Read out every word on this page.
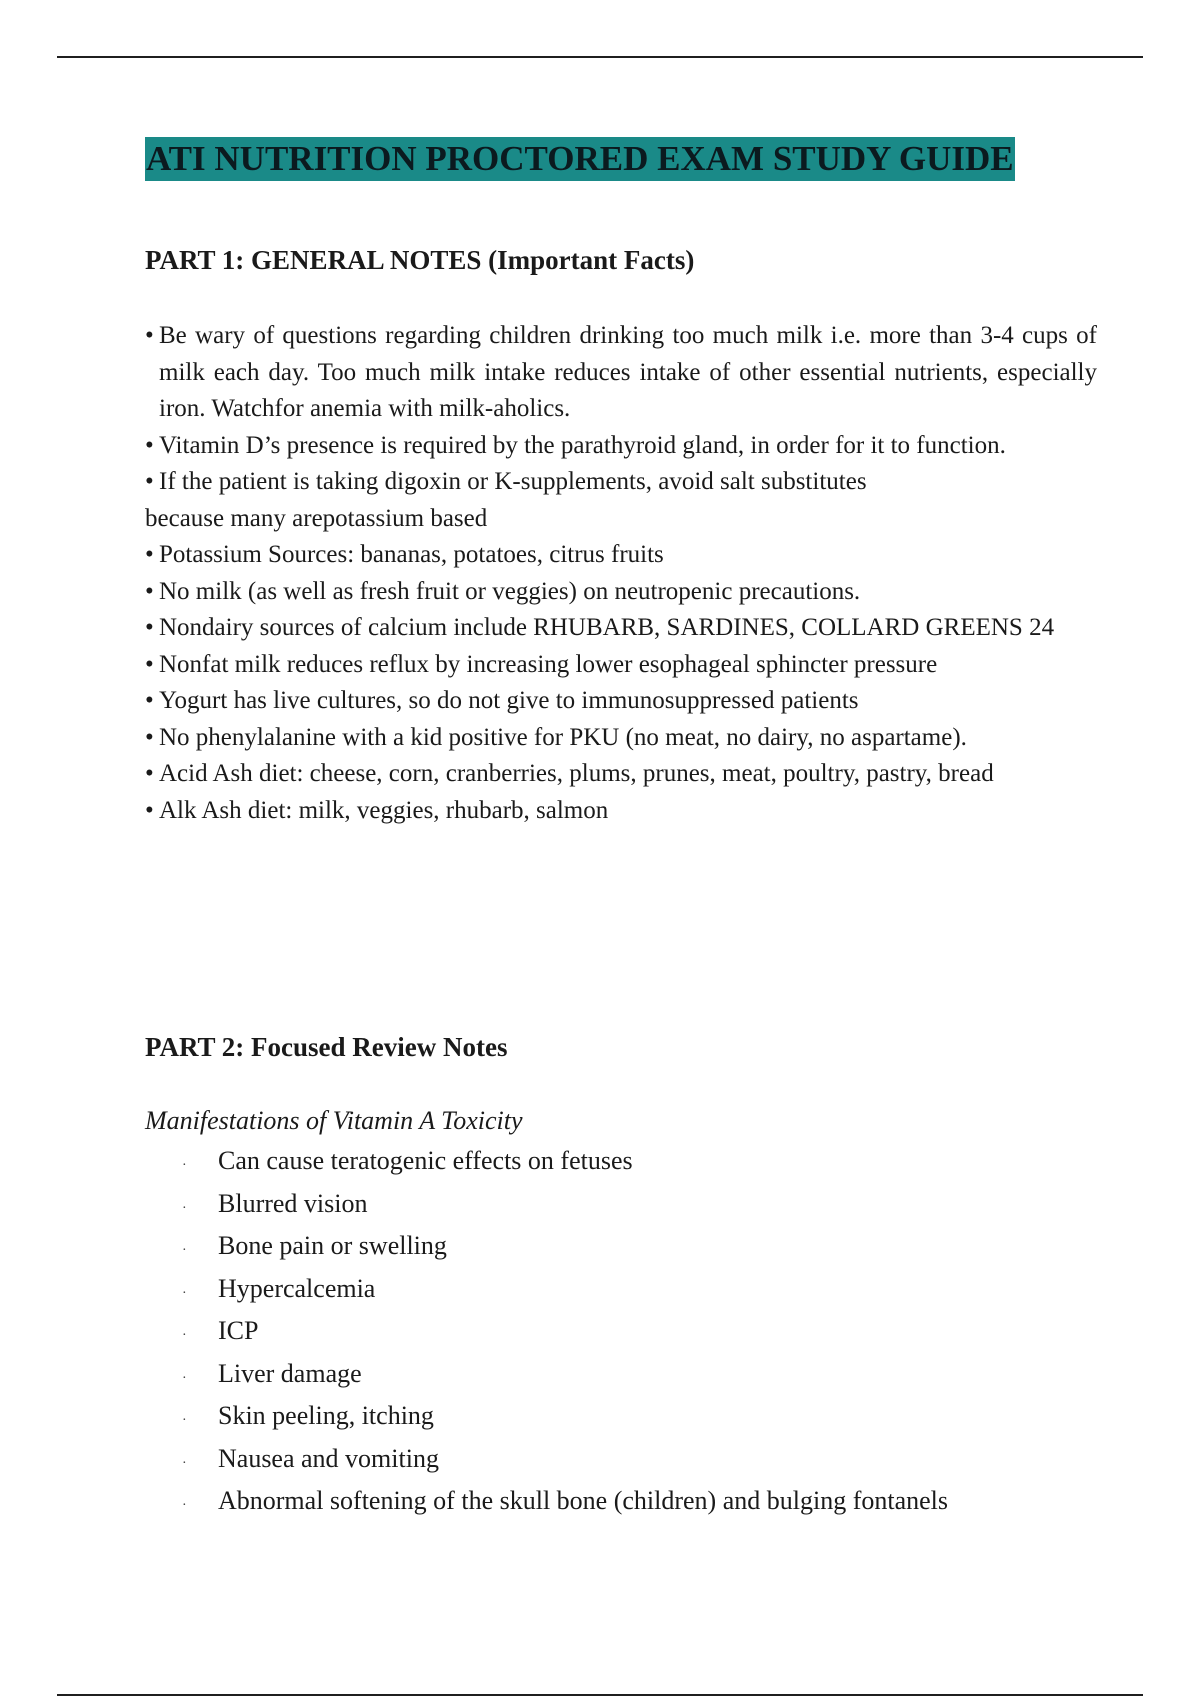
ATI NUTRITION PROCTORED EXAM STUDY GUIDE
PART 1: GENERAL NOTES (Important Facts)
• Be wary of questions regarding children drinking too much milk i.e. more than 3-4 cups of milk each day. Too much milk intake reduces intake of other essential nutrients, especially iron. Watchfor anemia with milk-aholics.
• Vitamin D’s presence is required by the parathyroid gland, in order for it to function.
• If the patient is taking digoxin or K-supplements, avoid salt substitutes
because many arepotassium based
• Potassium Sources: bananas, potatoes, citrus fruits
• No milk (as well as fresh fruit or veggies) on neutropenic precautions.
• Nondairy sources of calcium include RHUBARB, SARDINES, COLLARD GREENS 24
• Nonfat milk reduces reflux by increasing lower esophageal sphincter pressure
• Yogurt has live cultures, so do not give to immunosuppressed patients
• No phenylalanine with a kid positive for PKU (no meat, no dairy, no aspartame).
• Acid Ash diet: cheese, corn, cranberries, plums, prunes, meat, poultry, pastry, bread
• Alk Ash diet: milk, veggies, rhubarb, salmon
PART 2: Focused Review Notes

Manifestations of Vitamin A Toxicity

·	Can cause teratogenic effects on fetuses
·	Blurred vision
·	Bone pain or swelling
·	Hypercalcemia
·	ICP
·	Liver damage
·	Skin peeling, itching
·	Nausea and vomiting
·	Abnormal softening of the skull bone (children) and bulging fontanels
